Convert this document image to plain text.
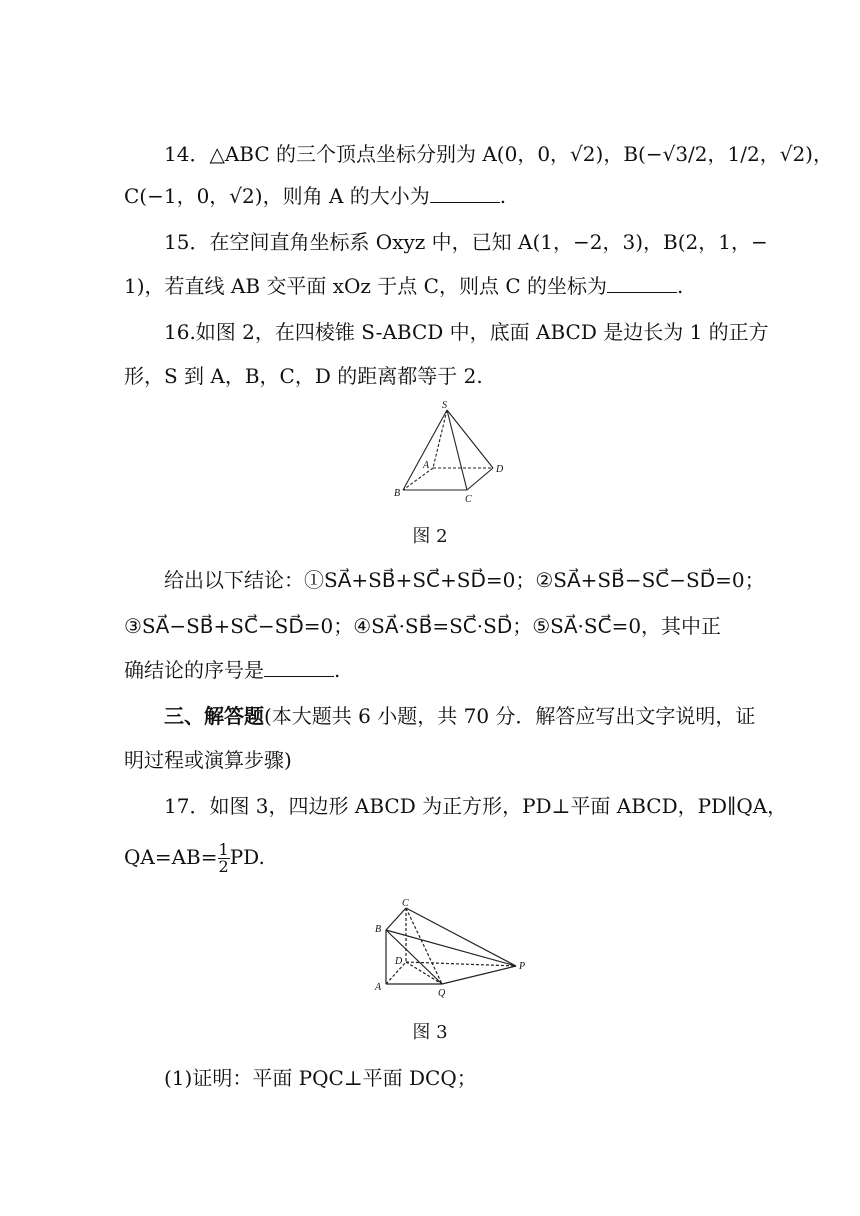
14．△ABC 的三个顶点坐标分别为 A(0，0，√2)，B(−√3/2，1/2，√2)，
C(−1，0，√2)，则角 A 的大小为	.
15．在空间直角坐标系 Oxyz 中，已知 A(1，−2，3)，B(2，1，−
1)，若直线 AB 交平面 xOz 于点 C，则点 C 的坐标为	.
16.如图 2，在四棱锥 S-ABCD 中，底面 ABCD 是边长为 1 的正方
形，S 到 A，B，C，D 的距离都等于 2.
S
A
B
C
D
图 2
给出以下结论：①SA⃗+SB⃗+SC⃗+SD⃗=0；②SA⃗+SB⃗−SC⃗−SD⃗=0；
③SA⃗−SB⃗+SC⃗−SD⃗=0；④SA⃗·SB⃗=SC⃗·SD⃗；⑤SA⃗·SC⃗=0，其中正
确结论的序号是	.
三、解答题(本大题共 6 小题，共 70 分．解答应写出文字说明，证
明过程或演算步骤)
17．如图 3，四边形 ABCD 为正方形，PD⊥平面 ABCD，PD∥QA，
$QA=AB= \frac{1}{2}$ PD.
C
B
D
A
Q
P
图 3
(1)证明：平面 PQC⊥平面 DCQ；
